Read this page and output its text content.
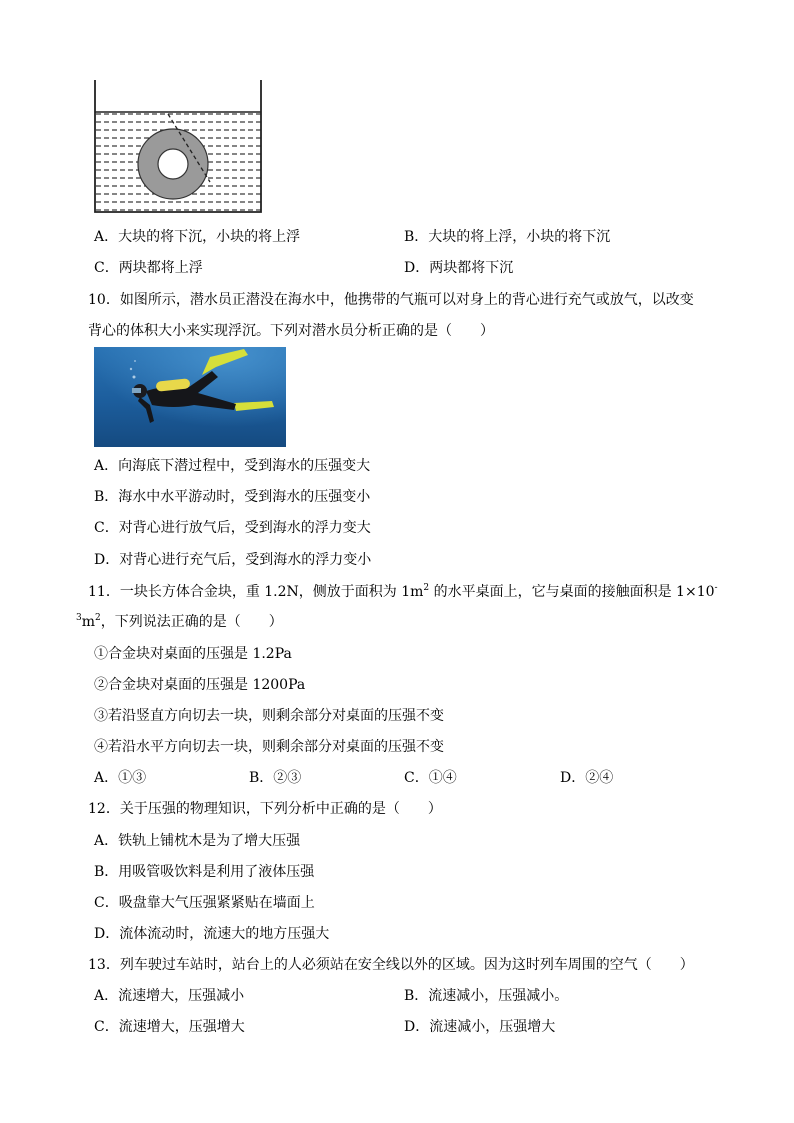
A．大块的将下沉，小块的将上浮	B．大块的将上浮，小块的将下沉
C．两块都将上浮	D．两块都将下沉
10．如图所示，潜水员正潜没在海水中，他携带的气瓶可以对身上的背心进行充气或放气，以改变
背心的体积大小来实现浮沉。下列对潜水员分析正确的是（　　）
A．向海底下潜过程中，受到海水的压强变大
B．海水中水平游动时，受到海水的压强变小
C．对背心进行放气后，受到海水的浮力变大
D．对背心进行充气后，受到海水的浮力变小
11．一块长方体合金块，重 1.2N，侧放于面积为 $1m^2$ 的水平桌面上，它与桌面的接触面积是 1×10-
$^3m^2$，下列说法正确的是（　　）
①合金块对桌面的压强是 1.2Pa
②合金块对桌面的压强是 1200Pa
③若沿竖直方向切去一块，则剩余部分对桌面的压强不变
④若沿水平方向切去一块，则剩余部分对桌面的压强不变
A．①③	B．②③	C．①④	D．②④
12．关于压强的物理知识，下列分析中正确的是（　　）
A．铁轨上铺枕木是为了增大压强
B．用吸管吸饮料是利用了液体压强
C．吸盘靠大气压强紧紧贴在墙面上
D．流体流动时，流速大的地方压强大
13．列车驶过车站时，站台上的人必须站在安全线以外的区域。因为这时列车周围的空气（　　）
A．流速增大，压强减小	B．流速减小，压强减小。
C．流速增大，压强增大	D．流速减小，压强增大
